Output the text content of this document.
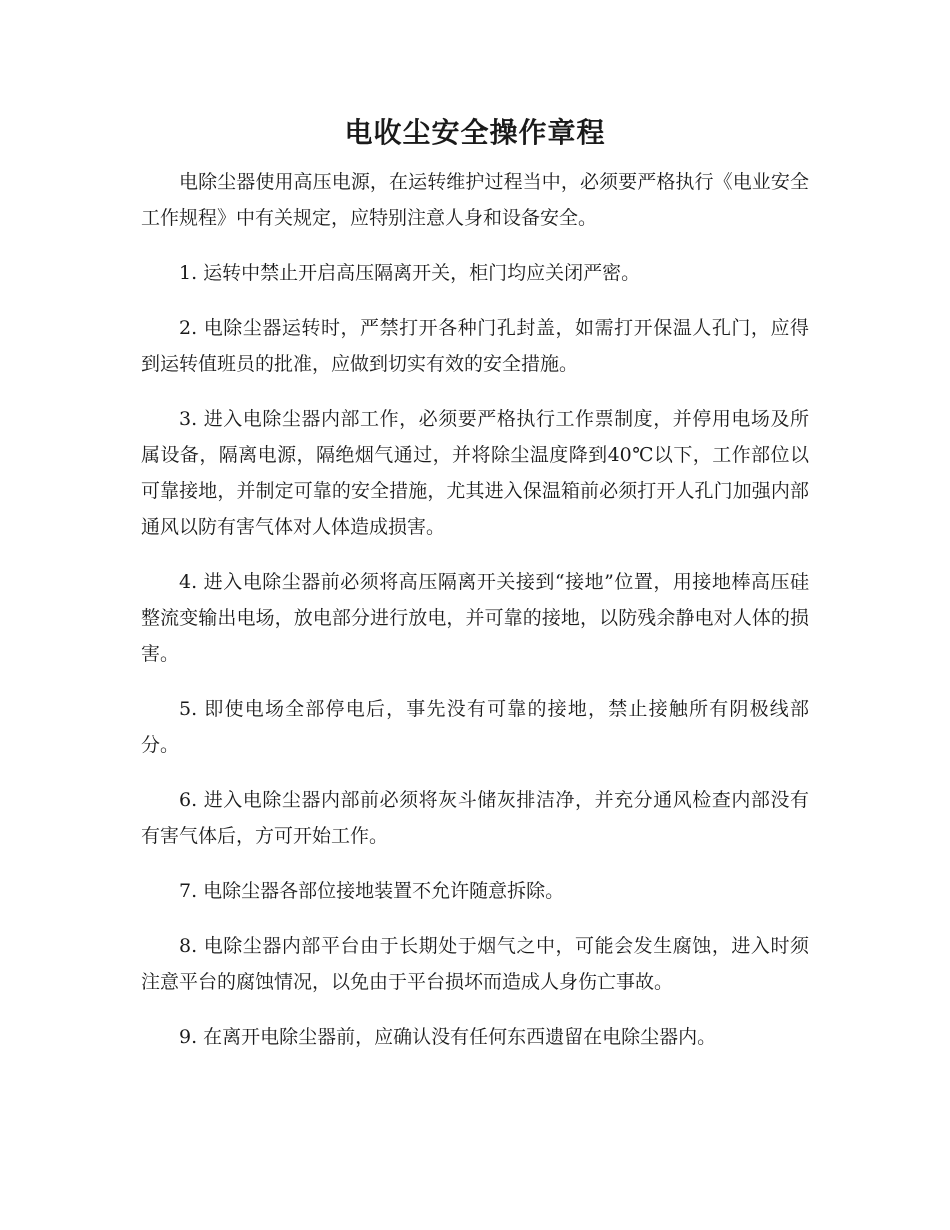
电收尘安全操作章程

电除尘器使用高压电源，在运转维护过程当中，必须要严格执行《电业安全工作规程》中有关规定，应特别注意人身和设备安全。

1. 运转中禁止开启高压隔离开关，柜门均应关闭严密。

2. 电除尘器运转时，严禁打开各种门孔封盖，如需打开保温人孔门，应得到运转值班员的批准，应做到切实有效的安全措施。

3. 进入电除尘器内部工作，必须要严格执行工作票制度，并停用电场及所属设备，隔离电源，隔绝烟气通过，并将除尘温度降到40℃以下，工作部位以可靠接地，并制定可靠的安全措施，尤其进入保温箱前必须打开人孔门加强内部通风以防有害气体对人体造成损害。

4. 进入电除尘器前必须将高压隔离开关接到“接地”位置，用接地棒高压硅整流变输出电场，放电部分进行放电，并可靠的接地，以防残余静电对人体的损害。

5. 即使电场全部停电后，事先没有可靠的接地，禁止接触所有阴极线部分。

6. 进入电除尘器内部前必须将灰斗储灰排洁净，并充分通风检查内部没有有害气体后，方可开始工作。

7. 电除尘器各部位接地装置不允许随意拆除。

8. 电除尘器内部平台由于长期处于烟气之中，可能会发生腐蚀，进入时须注意平台的腐蚀情况，以免由于平台损坏而造成人身伤亡事故。

9. 在离开电除尘器前，应确认没有任何东西遗留在电除尘器内。
